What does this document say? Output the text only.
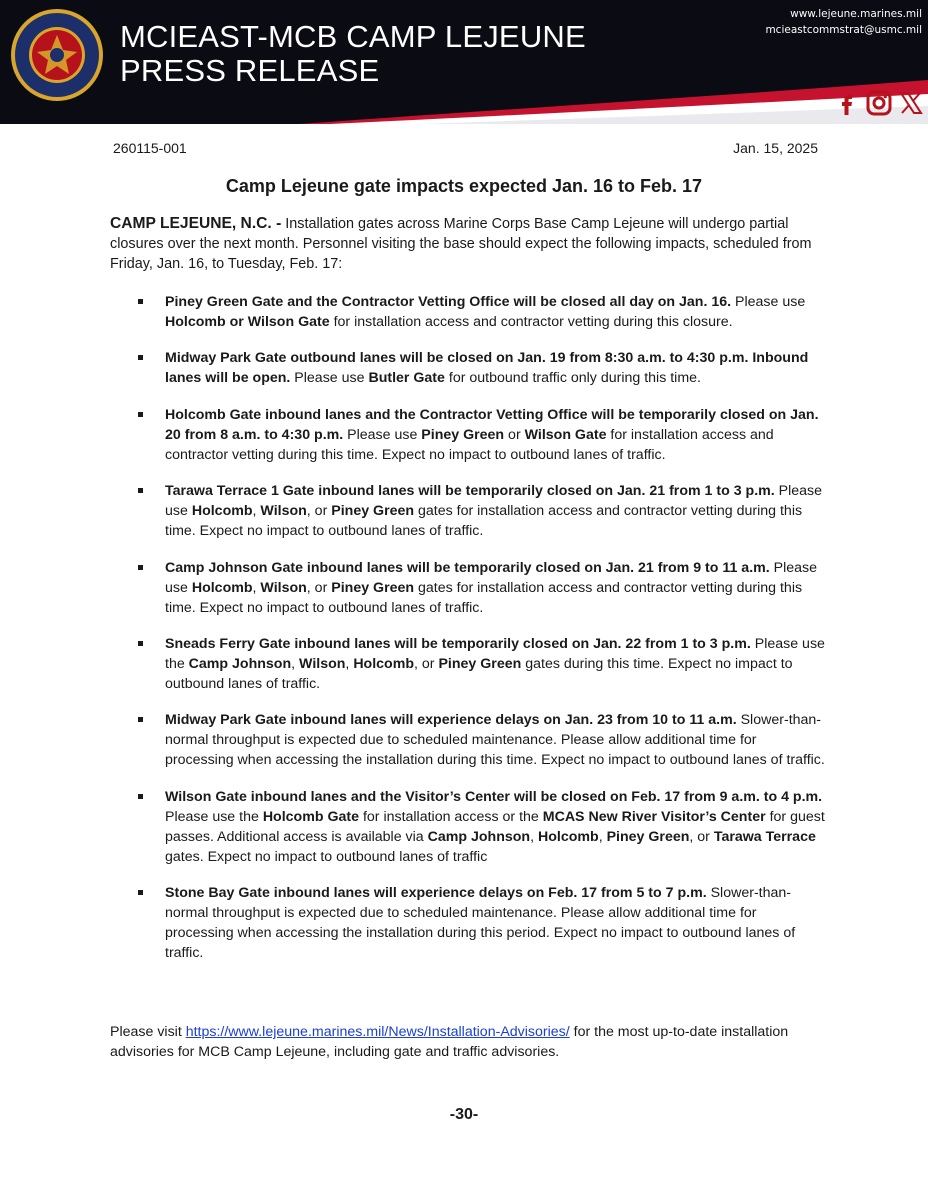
MCIEAST-MCB CAMP LEJEUNE
PRESS RELEASE
www.lejeune.marines.mil
mcieastcommstrat@usmc.mil
260115-001	Jan. 15, 2025
Camp Lejeune gate impacts expected Jan. 16 to Feb. 17
CAMP LEJEUNE, N.C. - Installation gates across Marine Corps Base Camp Lejeune will undergo partial closures over the next month. Personnel visiting the base should expect the following impacts, scheduled from Friday, Jan. 16, to Tuesday, Feb. 17:
Piney Green Gate and the Contractor Vetting Office will be closed all day on Jan. 16. Please use Holcomb or Wilson Gate for installation access and contractor vetting during this closure.
Midway Park Gate outbound lanes will be closed on Jan. 19 from 8:30 a.m. to 4:30 p.m. Inbound lanes will be open. Please use Butler Gate for outbound traffic only during this time.
Holcomb Gate inbound lanes and the Contractor Vetting Office will be temporarily closed on Jan. 20 from 8 a.m. to 4:30 p.m. Please use Piney Green or Wilson Gate for installation access and contractor vetting during this time. Expect no impact to outbound lanes of traffic.
Tarawa Terrace 1 Gate inbound lanes will be temporarily closed on Jan. 21 from 1 to 3 p.m. Please use Holcomb, Wilson, or Piney Green gates for installation access and contractor vetting during this time. Expect no impact to outbound lanes of traffic.
Camp Johnson Gate inbound lanes will be temporarily closed on Jan. 21 from 9 to 11 a.m. Please use Holcomb, Wilson, or Piney Green gates for installation access and contractor vetting during this time. Expect no impact to outbound lanes of traffic.
Sneads Ferry Gate inbound lanes will be temporarily closed on Jan. 22 from 1 to 3 p.m. Please use the Camp Johnson, Wilson, Holcomb, or Piney Green gates during this time. Expect no impact to outbound lanes of traffic.
Midway Park Gate inbound lanes will experience delays on Jan. 23 from 10 to 11 a.m. Slower-than-normal throughput is expected due to scheduled maintenance. Please allow additional time for processing when accessing the installation during this time. Expect no impact to outbound lanes of traffic.
Wilson Gate inbound lanes and the Visitor’s Center will be closed on Feb. 17 from 9 a.m. to 4 p.m. Please use the Holcomb Gate for installation access or the MCAS New River Visitor’s Center for guest passes. Additional access is available via Camp Johnson, Holcomb, Piney Green, or Tarawa Terrace gates. Expect no impact to outbound lanes of traffic
Stone Bay Gate inbound lanes will experience delays on Feb. 17 from 5 to 7 p.m. Slower-than-normal throughput is expected due to scheduled maintenance. Please allow additional time for processing when accessing the installation during this period. Expect no impact to outbound lanes of traffic.
Please visit https://www.lejeune.marines.mil/News/Installation-Advisories/ for the most up-to-date installation advisories for MCB Camp Lejeune, including gate and traffic advisories.
-30-
